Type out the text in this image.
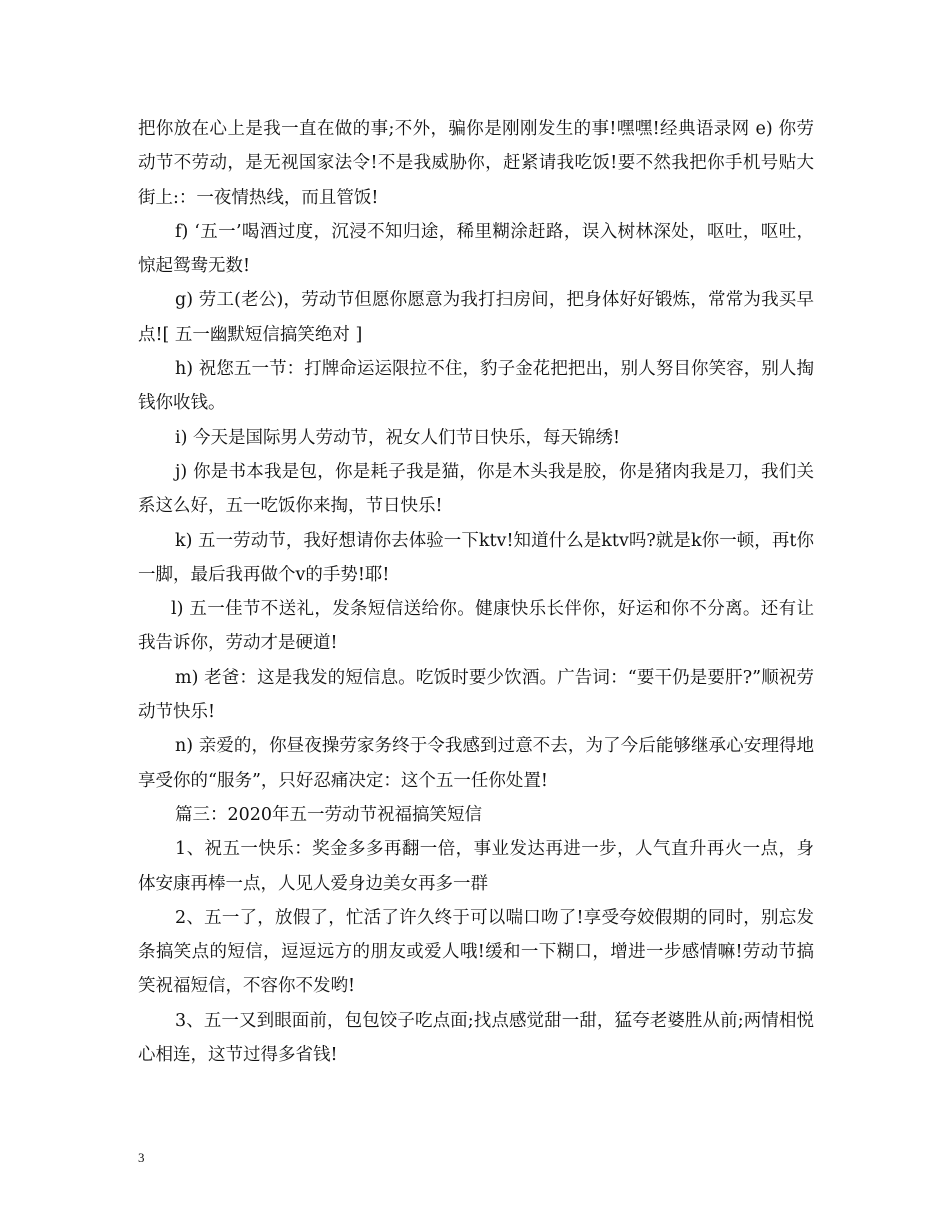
把你放在心上是我一直在做的事;不外，骗你是刚刚发生的事!嘿嘿!经典语录网 e) 你劳动节不劳动，是无视国家法令!不是我威胁你，赶紧请我吃饭!要不然我把你手机号贴大街上:：一夜情热线，而且管饭!

f) ‘五一’喝酒过度，沉浸不知归途，稀里糊涂赶路，误入树林深处，呕吐，呕吐，惊起鸳鸯无数!

g) 劳工(老公)，劳动节但愿你愿意为我打扫房间，把身体好好锻炼，常常为我买早点![ 五一幽默短信搞笑绝对 ]

h) 祝您五一节：打牌命运运限拉不住，豹子金花把把出，别人努目你笑容，别人掏钱你收钱。

i) 今天是国际男人劳动节，祝女人们节日快乐，每天锦绣!

j) 你是书本我是包，你是耗子我是猫，你是木头我是胶，你是猪肉我是刀，我们关系这么好，五一吃饭你来掏，节日快乐!

k) 五一劳动节，我好想请你去体验一下ktv!知道什么是ktv吗?就是k你一顿，再t你一脚，最后我再做个v的手势!耶!

l) 五一佳节不送礼，发条短信送给你。健康快乐长伴你，好运和你不分离。还有让我告诉你，劳动才是硬道!

m) 老爸：这是我发的短信息。吃饭时要少饮酒。广告词：“要干仍是要肝?”顺祝劳动节快乐!

n) 亲爱的，你昼夜操劳家务终于令我感到过意不去，为了今后能够继承心安理得地享受你的“服务”，只好忍痛决定：这个五一任你处置!

篇三：2020年五一劳动节祝福搞笑短信

1、祝五一快乐：奖金多多再翻一倍，事业发达再进一步，人气直升再火一点，身体安康再棒一点，人见人爱身边美女再多一群

2、五一了，放假了，忙活了许久终于可以喘口吻了!享受夸姣假期的同时，别忘发条搞笑点的短信，逗逗远方的朋友或爱人哦!缓和一下糊口，增进一步感情嘛!劳动节搞笑祝福短信，不容你不发哟!

3、五一又到眼面前，包包饺子吃点面;找点感觉甜一甜，猛夸老婆胜从前;两情相悦心相连，这节过得多省钱!

3
